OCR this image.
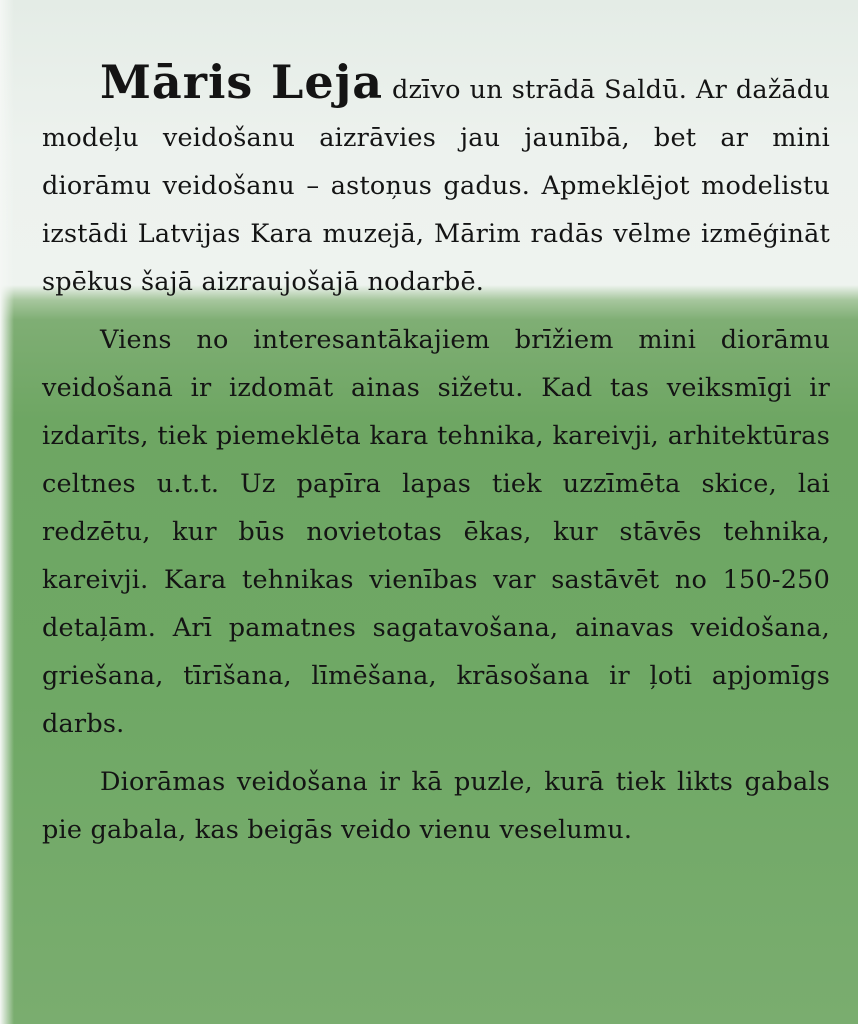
Māris Leja dzīvo un strādā Saldū. Ar dažādu modeļu veidošanu aizrāvies jau jaunībā, bet ar mini diorāmu veidošanu – astoņus gadus. Apmeklējot modelistu izstādi Latvijas Kara muzejā, Mārim radās vēlme izmēģināt spēkus šajā aizraujošajā nodarbē.

Viens no interesantākajiem brīžiem mini diorāmu veidošanā ir izdomāt ainas sižetu. Kad tas veiksmīgi ir izdarīts, tiek piemeklēta kara tehnika, kareivji, arhitektūras celtnes u.t.t. Uz papīra lapas tiek uzzīmēta skice, lai redzētu, kur būs novietotas ēkas, kur stāvēs tehnika, kareivji. Kara tehnikas vienības var sastāvēt no 150-250 detaļām. Arī pamatnes sagatavošana, ainavas veidošana, griešana, tīrīšana, līmēšana, krāsošana ir ļoti apjomīgs darbs.

Diorāmas veidošana ir kā puzle, kurā tiek likts gabals pie gabala, kas beigās veido vienu veselumu.
